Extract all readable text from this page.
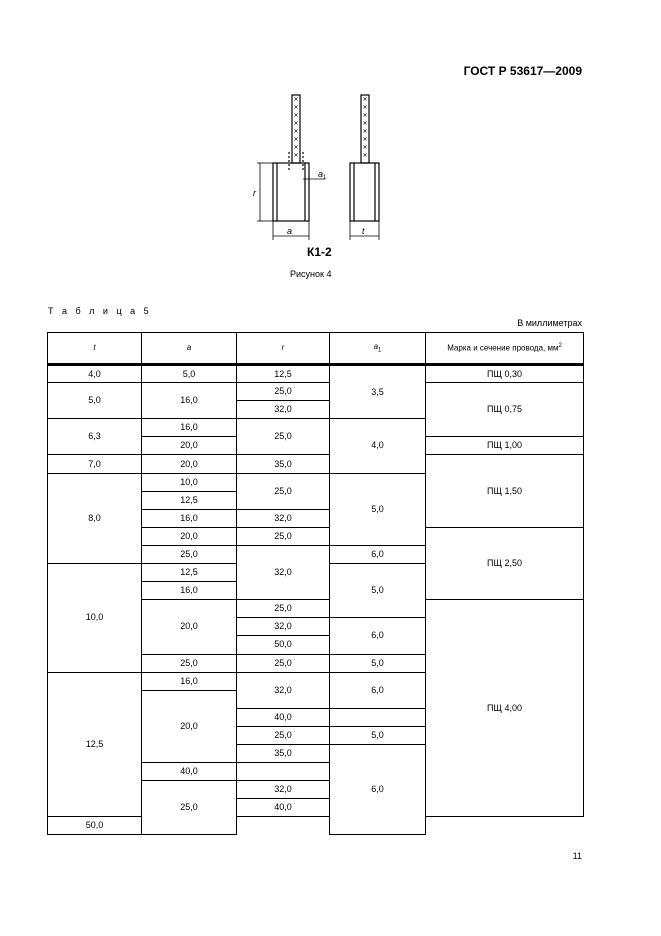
ГОСТ Р 53617—2009
✕
✕
✕
✕
✕
✕
✕
✕
✕
✕
✕
✕
✕
✕
✕
✕
r
a
a 1
t
К1-2
Рисунок 4
Т а б л и ц а 5
В миллиметрах
t	a	r	$a_1$	Марка и сечение провода, $мм^2$
4,0	5,0	12,5	3,5	ПЩ 0,30
5,0	16,0	25,0		ПЩ 0,75
		32,0		
6,3	16,0	25,0	4,0	
	20,0			ПЩ 1,00
7,0	20,0	35,0		ПЩ 1,50
8,0	10,0	25,0	5,0	
	12,5			
	16,0	32,0		
	20,0	25,0		ПЩ 2,50
	25,0	32,0	6,0	
10,0	12,5		5,0	
	16,0			
	20,0	25,0		ПЩ 4,00
		32,0	6,0	
		50,0		
	25,0	25,0	5,0	
12,5	16,0	32,0	6,0	
	20,0			
		40,0	
		25,0	5,0	
		35,0	6,0	
	40,0			
	25,0	32,0		
		40,0		
50,0				
11
